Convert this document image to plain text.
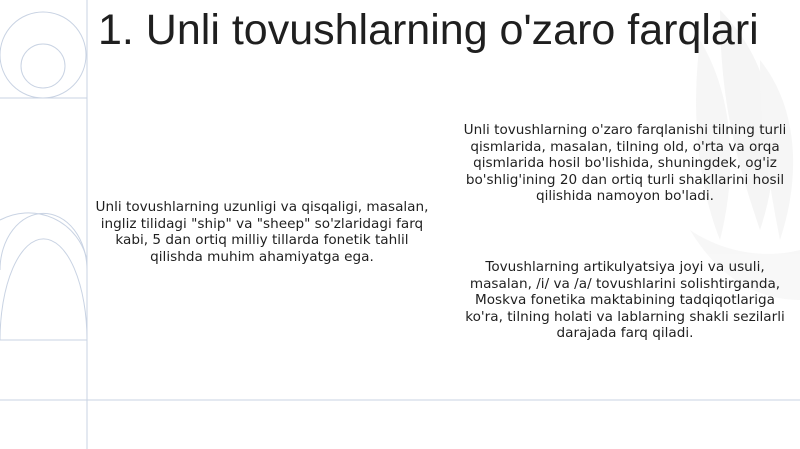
1. Unli tovushlarning o'zaro farqlari

Unli tovushlarning uzunligi va qisqaligi, masalan, ingliz tilidagi "ship" va "sheep" so'zlaridagi farq kabi, 5 dan ortiq milliy tillarda fonetik tahlil qilishda muhim ahamiyatga ega.

Unli tovushlarning o'zaro farqlanishi tilning turli qismlarida, masalan, tilning old, o'rta va orqa qismlarida hosil bo'lishida, shuningdek, og'iz bo'shlig'ining 20 dan ortiq turli shakllarini hosil qilishida namoyon bo'ladi.

Tovushlarning artikulyatsiya joyi va usuli, masalan, /i/ va /a/ tovushlarini solishtirganda, Moskva fonetika maktabining tadqiqotlariga ko'ra, tilning holati va lablarning shakli sezilarli darajada farq qiladi.
